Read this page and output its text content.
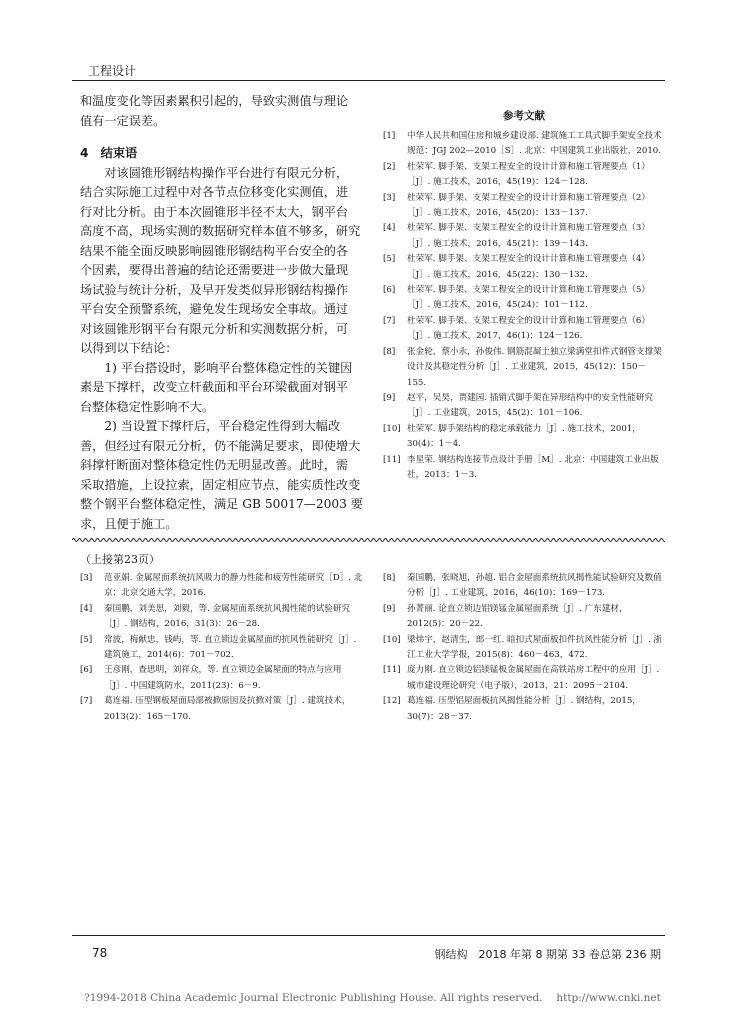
工程设计
和温度变化等因素累积引起的，导致实测值与理论
值有一定误差。
4　结束语
　　对该圆锥形钢结构操作平台进行有限元分析，
结合实际施工过程中对各节点位移变化实测值，进
行对比分析。由于本次圆锥形半径不太大，钢平台
高度不高，现场实测的数据研究样本值不够多，研究
结果不能全面反映影响圆锥形钢结构平台安全的各
个因素，要得出普遍的结论还需要进一步做大量现
场试验与统计分析，及早开发类似异形钢结构操作
平台安全预警系统，避免发生现场安全事故。通过
对该圆锥形钢平台有限元分析和实测数据分析，可
以得到以下结论：
　　1) 平台搭设时，影响平台整体稳定性的关键因
素是下撑杆，改变立杆截面和平台环梁截面对钢平
台整体稳定性影响不大。
　　2) 当设置下撑杆后，平台稳定性得到大幅改
善，但经过有限元分析，仍不能满足要求，即使增大
斜撑杆断面对整体稳定性仍无明显改善。此时，需
采取措施，上设拉索，固定相应节点，能实质性改变
整个钢平台整体稳定性，满足 GB 50017—2003 要
求，且便于施工。
参考文献
[1]	中华人民共和国住房和城乡建设部. 建筑施工工具式脚手架安全技术规范：JGJ 202—2010［S］. 北京：中国建筑工业出版社，2010.
[2]	杜荣军. 脚手架、支架工程安全的设计计算和施工管理要点（1）［J］. 施工技术，2016，45(19)：124－128.
[3]	杜荣军. 脚手架、支架工程安全的设计计算和施工管理要点（2）［J］. 施工技术，2016，45(20)：133－137.
[4]	杜荣军. 脚手架、支架工程安全的设计计算和施工管理要点（3）［J］. 施工技术，2016，45(21)：139－143.
[5]	杜荣军. 脚手架、支架工程安全的设计计算和施工管理要点（4）［J］. 施工技术，2016，45(22)：130－132.
[6]	杜荣军. 脚手架、支架工程安全的设计计算和施工管理要点（5）［J］. 施工技术，2016，45(24)：101－112.
[7]	杜荣军. 脚手架、支架工程安全的设计计算和施工管理要点（6）［J］. 施工技术，2017，46(1)：124－126.
[8]	张金轮，蔡小永，孙俊伟. 钢筋混凝土独立梁满堂扣件式钢管支撑架设计及其稳定性分析［J］. 工业建筑，2015，45(12)：150－155.
[9]	赵平，吴昊，贾建园. 插销式脚手架在异形结构中的安全性能研究［J］. 工业建筑，2015，45(2)：101－106.
[10] 杜荣军. 脚手架结构的稳定承载能力［J］. 施工技术，2001，30(4)：1－4.
[11] 李星荣. 钢结构连接节点设计手册［M］. 北京：中国建筑工业出版社，2013：1－3.
（上接第23页）
[3]	范亚娟. 金属屋面系统抗风吸力的静力性能和疲劳性能研究［D］. 北京：北京交通大学，2016.
[4]	秦国鹏，刘美思，刘毅，等. 金属屋面系统抗风揭性能的试验研究［J］. 钢结构，2016，31(3)：26－28.
[5]	常波，梅献忠，钱屿，等. 直立锁边金属屋面的抗风性能研究［J］. 建筑施工，2014(6)：701－702.
[6]	王彦刚，查思明，刘祥众，等. 直立锁边金属屋面的特点与应用［J］. 中国建筑防水，2011(23)：6－9.
[7]	葛连福. 压型钢板屋面局部被掀原因及抗掀对策［J］. 建筑技术，2013(2)：165－170.
[8]	秦国鹏，张晓旭，孙超. 铝合金屋面系统抗风揭性能试验研究及数值分析［J］. 工业建筑，2016，46(10)：169－173.
[9]	孙菁丽. 论直立锁边铝镁锰金属屋面系统［J］. 广东建材，2012(5)：20－22.
[10] 梁炜宇，赵清生，郎一红. 暗扣式屋面板扣件抗风性能分析［J］. 浙江工业大学学报，2015(8)：460－463，472.
[11] 庞力刚. 直立锁边铝镁锰板金属屋面在高铁站房工程中的应用［J］. 城市建设理论研究（电子版），2013，21：2095－2104.
[12] 葛连福. 压型铝屋面板抗风揭性能分析［J］. 钢结构，2015，30(7)：28－37.
78	钢结构　2018 年第 8 期第 33 卷总第 236 期
?1994-2018 China Academic Journal Electronic Publishing House. All rights reserved.　 http://www.cnki.net
